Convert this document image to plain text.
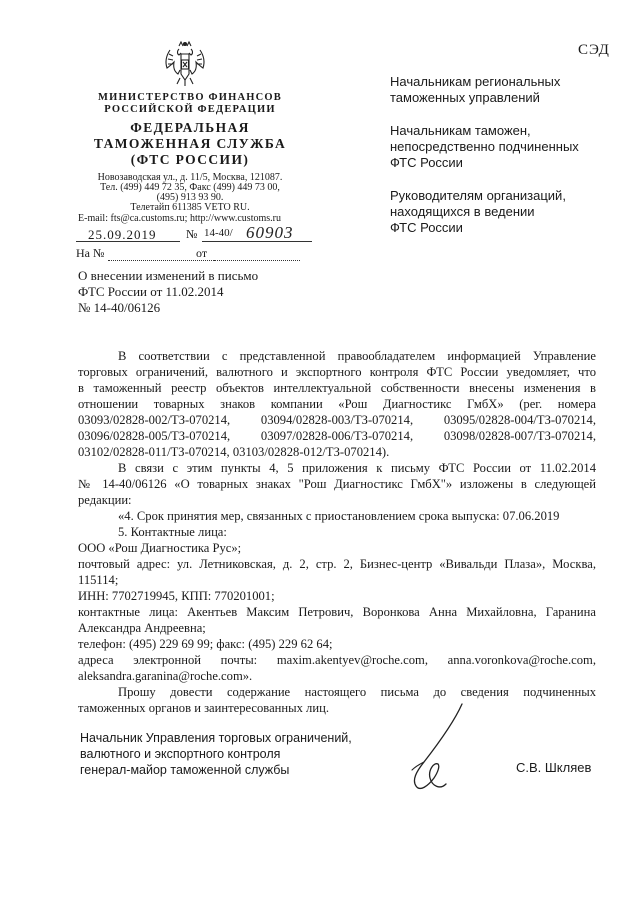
СЭД
МИНИСТЕРСТВО ФИНАНСОВ
РОССИЙСКОЙ ФЕДЕРАЦИИ
ФЕДЕРАЛЬНАЯ
ТАМОЖЕННАЯ СЛУЖБА
(ФТС РОССИИ)
Новозаводская ул., д. 11/5, Москва, 121087.
Тел. (499) 449 72 35, Факс (499) 449 73 00,
(495) 913 93 90.
Телетайп 611385 VETO RU.
E-mail: fts@ca.customs.ru; http://www.customs.ru
25.09.2019 № 14-40/ 60903
На №	от
О внесении изменений в письмо
ФТС России от 11.02.2014
№ 14-40/06126
Начальникам региональных
таможенных управлений
Начальникам таможен,
непосредственно подчиненных
ФТС России
Руководителям организаций,
находящихся в ведении
ФТС России
В соответствии с представленной правообладателем информацией Управление
торговых ограничений, валютного и экспортного контроля ФТС России уведомляет, что
в таможенный реестр объектов интеллектуальной собственности внесены изменения в
отношении товарных знаков компании «Рош Диагностикс ГмбХ» (рег. номера
03093/02828-002/ТЗ-070214, 03094/02828-003/ТЗ-070214, 03095/02828-004/ТЗ-070214,
03096/02828-005/ТЗ-070214, 03097/02828-006/ТЗ-070214, 03098/02828-007/ТЗ-070214,
03102/02828-011/ТЗ-070214, 03103/02828-012/ТЗ-070214).
В связи с этим пункты 4, 5 приложения к письму ФТС России от 11.02.2014
№ 14-40/06126 «О товарных знаках "Рош Диагностикс ГмбХ"» изложены в следующей
редакции:
«4. Срок принятия мер, связанных с приостановлением срока выпуска: 07.06.2019
5. Контактные лица:
ООО «Рош Диагностика Рус»;
почтовый адрес: ул. Летниковская, д. 2, стр. 2, Бизнес-центр «Вивальди Плаза», Москва,
115114;
ИНН: 7702719945, КПП: 770201001;
контактные лица: Акентьев Максим Петрович, Воронкова Анна Михайловна, Гаранина
Александра Андреевна;
телефон: (495) 229 69 99; факс: (495) 229 62 64;
адреса электронной почты: maxim.akentyev@roche.com, anna.voronkova@roche.com,
aleksandra.garanina@roche.com».
Прошу довести содержание настоящего письма до сведения подчиненных
таможенных органов и заинтересованных лиц.
Начальник Управления торговых ограничений,
валютного и экспортного контроля
генерал-майор таможенной службы	С.В. Шкляев
